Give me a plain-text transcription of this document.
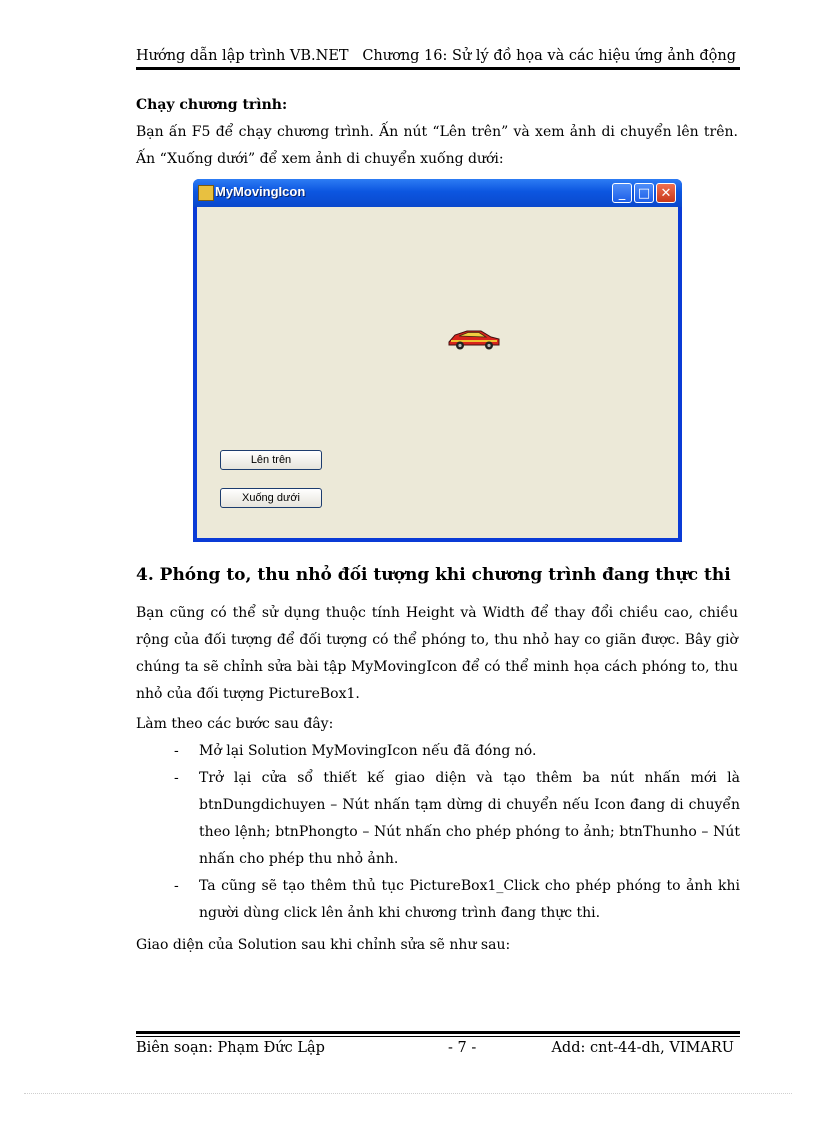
Hướng dẫn lập trình VB.NET Chương 16: Sử lý đồ họa và các hiệu ứng ảnh động
Chạy chương trình:
Bạn ấn F5 để chạy chương trình. Ấn nút “Lên trên” và xem ảnh di chuyển lên trên. Ấn “Xuống dưới” để xem ảnh di chuyển xuống dưới:
MyMovingIcon	_ □ ✕
Lên trên
Xuống dưới
4. Phóng to, thu nhỏ đối tượng khi chương trình đang thực thi
Bạn cũng có thể sử dụng thuộc tính Height và Width để thay đổi chiều cao, chiều rộng của đối tượng để đối tượng có thể phóng to, thu nhỏ hay co giãn được. Bây giờ chúng ta sẽ chỉnh sửa bài tập MyMovingIcon để có thể minh họa cách phóng to, thu nhỏ của đối tượng PictureBox1.
Làm theo các bước sau đây:
- Mở lại Solution MyMovingIcon nếu đã đóng nó.
- Trở lại cửa sổ thiết kế giao diện và tạo thêm ba nút nhấn mới là btnDungdichuyen – Nút nhấn tạm dừng di chuyển nếu Icon đang di chuyển theo lệnh; btnPhongto – Nút nhấn cho phép phóng to ảnh; btnThunho – Nút nhấn cho phép thu nhỏ ảnh.
- Ta cũng sẽ tạo thêm thủ tục PictureBox1_Click cho phép phóng to ảnh khi người dùng click lên ảnh khi chương trình đang thực thi.
Giao diện của Solution sau khi chỉnh sửa sẽ như sau:
Biên soạn: Phạm Đức Lập	- 7 -	Add: cnt-44-dh, VIMARU
